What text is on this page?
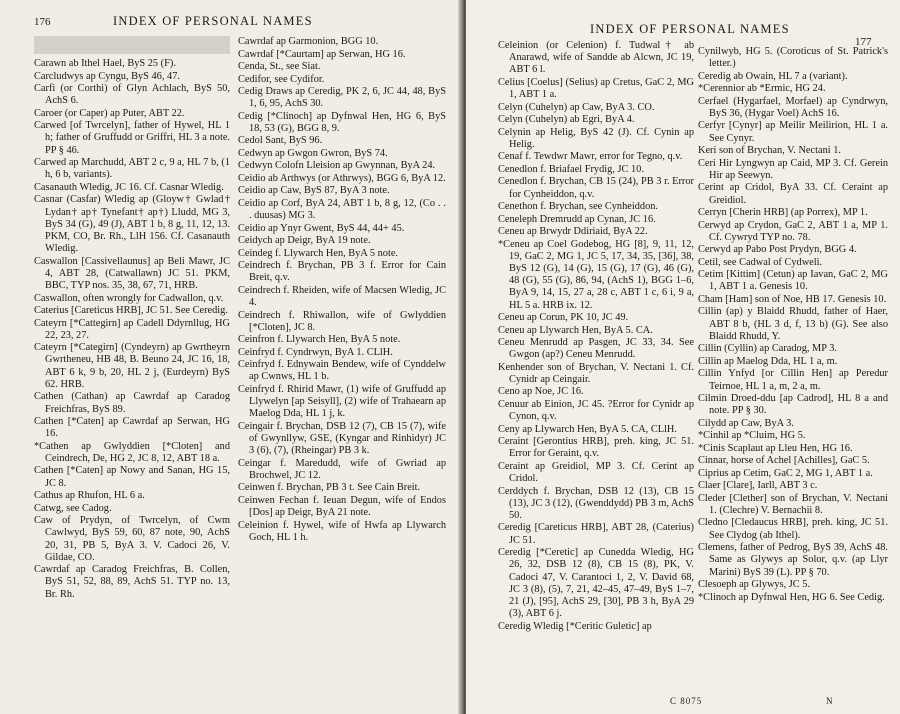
176	INDEX OF PERSONAL NAMES
Carawn ab Ithel Hael, ByS 25 (F).
Carcludwys ap Cyngu, ByS 46, 47.
Carfi (or Corthi) of Glyn Achlach, ByS 50, AchS 6.
Caroer (or Caper) ap Puter, ABT 22.
Carwed [of Twrcelyn], father of Hywel, HL 1 h; father of Gruffudd or Griffri, HL 3 a note. PP § 46.
Carwed ap Marchudd, ABT 2 c, 9 a, HL 7 b, (1 h, 6 b, variants).
Casanauth Wledig, JC 16. Cf. Casnar Wledig.
Casnar (Casfar) Wledig ap (Gloyw† Gwlad† Lydan† ap† Tynefant† ap†) Lludd, MG 3, ByS 34 (G), 49 (J), ABT 1 b, 8 g, 11, 12, 13. PKM, CO, Br. Rh., LlH 156. Cf. Casanauth Wledig.
Caswallon [Cassivellaunus] ap Beli Mawr, JC 4, ABT 28, (Catwallawn) JC 51. PKM, BBC, TYP nos. 35, 38, 67, 71, HRB.
Caswallon, often wrongly for Cadwallon, q.v.
Caterius [Careticus HRB], JC 51. See Ceredig.
Cateyrn [*Cattegirn] ap Cadell Ddyrnllug, HG 22, 23, 27.
Cateyrn [*Categirn] (Cyndeyrn) ap Gwrtheyrn Gwrtheneu, HB 48, B. Beuno 24, JC 16, 18, ABT 6 k, 9 b, 20, HL 2 j, (Eurdeyrn) ByS 62. HRB.
Cathen (Cathan) ap Cawrdaf ap Caradog Freichfras, ByS 89.
Cathen [*Caten] ap Cawrdaf ap Serwan, HG 16.
*Cathen ap Gwlyddien [*Cloten] and Ceindrech, De, HG 2, JC 8, 12, ABT 18 a.
Cathen [*Caten] ap Nowy and Sanan, HG 15, JC 8.
Cathus ap Rhufon, HL 6 a.
Catwg, see Cadog.
Caw of Prydyn, of Twrcelyn, of Cwm Cawlwyd, ByS 59, 60, 87 note, 90, AchS 20, 31, PB 5, ByA 3. V. Cadoci 26, V. Gildae, CO.
Cawrdaf ap Caradog Freichfras, B. Collen, ByS 51, 52, 88, 89, AchS 51. TYP no. 13, Br. Rh.
Cawrdaf ap Garmonion, BGG 10.
Cawrdaf [*Caurtam] ap Serwan, HG 16.
Cenda, St., see Siat.
Cedifor, see Cydifor.
Cedig Draws ap Ceredig, PK 2, 6, JC 44, 48, ByS 1, 6, 95, AchS 30.
Cedig [*Clinoch] ap Dyfnwal Hen, HG 6, ByS 18, 53 (G), BGG 8, 9.
Cedol Sant, ByS 96.
Cedwyn ap Gwgon Gwron, ByS 74.
Cedwyn Colofn Lleision ap Gwynnan, ByA 24.
Ceidio ab Arthwys (or Athrwys), BGG 6, ByA 12.
Ceidio ap Caw, ByS 87, ByA 3 note.
Ceidio ap Corf, ByA 24, ABT 1 b, 8 g, 12, (Co . . . duusas) MG 3.
Ceidio ap Ynyr Gwent, ByS 44, 44+ 45.
Ceidych ap Deigr, ByA 19 note.
Ceindeg f. Llywarch Hen, ByA 5 note.
Ceindrech f. Brychan, PB 3 f. Error for Cain Breit, q.v.
Ceindrech f. Rheiden, wife of Macsen Wledig, JC 4.
Ceindrech f. Rhiwallon, wife of Gwlyddien [*Cloten], JC 8.
Ceinfron f. Llywarch Hen, ByA 5 note.
Ceinfryd f. Cyndrwyn, ByA 1. CLlH.
Ceinfryd f. Ednywain Bendew, wife of Cynddelw ap Cwnws, HL 1 b.
Ceinfryd f. Rhirid Mawr, (1) wife of Gruffudd ap Llywelyn [ap Seisyll], (2) wife of Trahaearn ap Maelog Dda, HL 1 j, k.
Ceingair f. Brychan, DSB 12 (7), CB 15 (7), wife of Gwynllyw, GSE, (Kyngar and Rinhidyr) JC 3 (6), (7), (Rheingar) PB 3 k.
Ceingar f. Maredudd, wife of Gwriad ap Brochwel, JC 12.
Ceinwen f. Brychan, PB 3 t. See Cain Breit.
Ceinwen Fechan f. Ieuan Degun, wife of Endos [Dos] ap Deigr, ByA 21 note.
Celeinion f. Hywel, wife of Hwfa ap Llywarch Goch, HL 1 h.
INDEX OF PERSONAL NAMES
177
Celeinion (or Celenion) f. Tudwal† ab Anarawd, wife of Sandde ab Alcwn, JC 19, ABT 6 l.
Celius [Coelus] (Selius) ap Cretus, GaC 2, MG 1, ABT 1 a.
Celyn (Cuhelyn) ap Caw, ByA 3. CO.
Celyn (Cuhelyn) ab Egri, ByA 4.
Celynin ap Helig, ByS 42 (J). Cf. Cynin ap Helig.
Cenaf f. Tewdwr Mawr, error for Tegno, q.v.
Cenedlon f. Briafael Frydig, JC 10.
Cenedlon f. Brychan, CB 15 (24), PB 3 r. Error for Cynheiddon, q.v.
Cenethon f. Brychan, see Cynheiddon.
Ceneleph Dremrudd ap Cynan, JC 16.
Ceneu ap Brwydr Ddiriaid, ByA 22.
*Ceneu ap Coel Godebog, HG [8], 9, 11, 12, 19, GaC 2, MG 1, JC 5, 17, 34, 35, [36], 38, ByS 12 (G), 14 (G), 15 (G), 17 (G), 46 (G), 48 (G), 55 (G), 86, 94, (AchS 1), BGG 1–6, ByA 9, 14, 15, 27 a, 28 c, ABT 1 c, 6 i, 9 a, HL 5 a. HRB ix. 12.
Ceneu ap Corun, PK 10, JC 49.
Ceneu ap Llywarch Hen, ByA 5. CA.
Ceneu Menrudd ap Pasgen, JC 33, 34. See Gwgon (ap?) Ceneu Menrudd.
Kenhender son of Brychan, V. Nectani 1. Cf. Cynidr ap Ceingair.
Ceno ap Noe, JC 16.
Cenuur ab Einion, JC 45. ?Error for Cynidr ap Cynon, q.v.
Ceny ap Llywarch Hen, ByA 5. CA, CLlH.
Ceraint [Gerontius HRB], preh. king, JC 51. Error for Geraint, q.v.
Ceraint ap Greidiol, MP 3. Cf. Cerint ap Cridol.
Cerddych f. Brychan, DSB 12 (13), CB 15 (13), JC 3 (12), (Gwenddydd) PB 3 m, AchS 50.
Ceredig [Careticus HRB], ABT 28, (Caterius) JC 51.
Ceredig [*Ceretic] ap Cunedda Wledig, HG 26, 32, DSB 12 (8), CB 15 (8), PK, V. Cadoci 47, V. Carantoci 1, 2, V. David 68, JC 3 (8), (5), 7, 21, 42–45, 47–49, ByS 1–7, 21 (J), [95], AchS 29, [30], PB 3 h, ByA 29 (3), ABT 6 j.
Ceredig Wledig [*Ceritic Guletic] ap
Cynilwyb, HG 5. (Coroticus of St. Patrick's letter.)
Ceredig ab Owain, HL 7 a (variant).
*Cerennior ab *Ermic, HG 24.
Cerfael (Hygarfael, Morfael) ap Cyndrwyn, ByS 36, (Hygar Voel) AchS 16.
Cerfyr [Cynyr] ap Meilir Meilirion, HL 1 a. See Cynyr.
Keri son of Brychan, V. Nectani 1.
Ceri Hir Lyngwyn ap Caid, MP 3. Cf. Gerein Hir ap Seewyn.
Cerint ap Cridol, ByA 33. Cf. Ceraint ap Greidiol.
Cerryn [Cherin HRB] (ap Porrex), MP 1.
Cerwyd ap Crydon, GaC 2, ABT 1 a, MP 1. Cf. Cywryd TYP no. 78.
Cerwyd ap Pabo Post Prydyn, BGG 4.
Cetil, see Cadwal of Cydweli.
Cetim [Kittim] (Cetun) ap Iavan, GaC 2, MG 1, ABT 1 a. Genesis 10.
Cham [Ham] son of Noe, HB 17. Genesis 10.
Cillin (ap) y Blaidd Rhudd, father of Haer, ABT 8 b, (HL 3 d, f, 13 b) (G). See also Blaidd Rhudd, Y.
Cillin (Cyllin) ap Caradog, MP 3.
Cillin ap Maelog Dda, HL 1 a, m.
Cillin Ynfyd [or Cillin Hen] ap Peredur Teirnoe, HL 1 a, m, 2 a, m.
Cilmin Droed-ddu [ap Cadrod], HL 8 a and note. PP § 30.
Cilydd ap Caw, ByA 3.
*Cinhil ap *Cluim, HG 5.
*Cinis Scaplaut ap Lleu Hen, HG 16.
Cinnar, horse of Achel [Achilles], GaC 5.
Ciprius ap Cetim, GaC 2, MG 1, ABT 1 a.
Claer [Clare], Iarll, ABT 3 c.
Cleder [Clether] son of Brychan, V. Nectani 1. (Clechre) V. Bernachii 8.
Cledno [Cledaucus HRB], preh. king, JC 51. See Clydog (ab Ithel).
Clemens, father of Pedrog, ByS 39, AchS 48. Same as Glywys ap Solor, q.v. (ap Llyr Marini) ByS 39 (L). PP § 70.
Clesoeph ap Glywys, JC 5.
*Clinoch ap Dyfnwal Hen, HG 6. See Cedig.
C 8075	N
